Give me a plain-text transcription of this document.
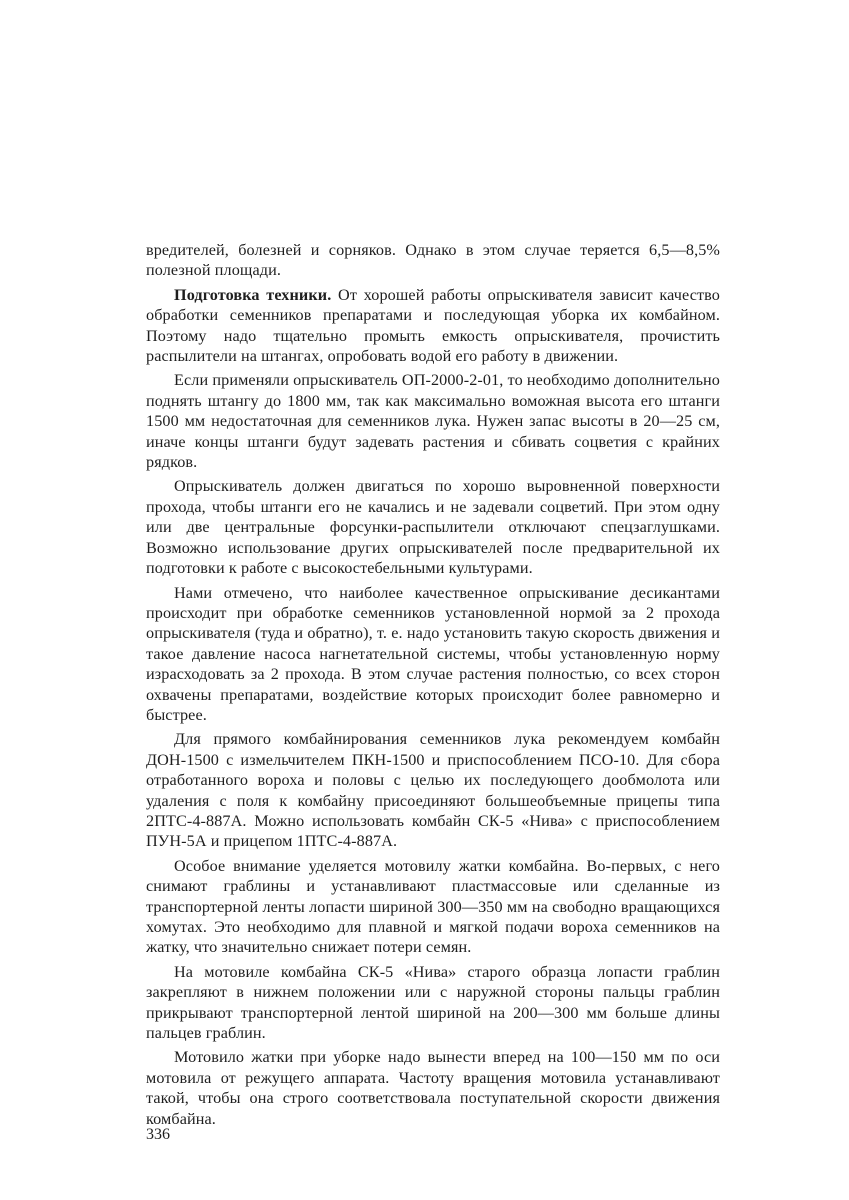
вредителей, болезней и сорняков. Однако в этом случае теряется 6,5—8,5% полезной площади.

Подготовка техники. От хорошей работы опрыскивателя зависит качество обработки семенников препаратами и последующая уборка их комбайном. Поэтому надо тщательно промыть емкость опрыскивателя, прочистить распылители на штангах, опробовать водой его работу в движении.

Если применяли опрыскиватель ОП-2000-2-01, то необходимо дополнительно поднять штангу до 1800 мм, так как максимально воможная высота его штанги 1500 мм недостаточная для семенников лука. Нужен запас высоты в 20—25 см, иначе концы штанги будут задевать растения и сбивать соцветия с крайних рядков.

Опрыскиватель должен двигаться по хорошо выровненной поверхности прохода, чтобы штанги его не качались и не задевали соцветий. При этом одну или две центральные форсунки-распылители отключают спецзаглушками. Возможно использование других опрыскивателей после предварительной их подготовки к работе с высокостебельными культурами.

Нами отмечено, что наиболее качественное опрыскивание десикантами происходит при обработке семенников установленной нормой за 2 прохода опрыскивателя (туда и обратно), т. е. надо установить такую скорость движения и такое давление насоса нагнетательной системы, чтобы установленную норму израсходовать за 2 прохода. В этом случае растения полностью, со всех сторон охвачены препаратами, воздействие которых происходит более равномерно и быстрее.

Для прямого комбайнирования семенников лука рекомендуем комбайн ДОН-1500 с измельчителем ПКН-1500 и приспособлением ПСО-10. Для сбора отработанного вороха и половы с целью их последующего дообмолота или удаления с поля к комбайну присоединяют большеобъемные прицепы типа 2ПТС-4-887А. Можно использовать комбайн СК-5 «Нива» с приспособлением ПУН-5А и прицепом 1ПТС-4-887А.

Особое внимание уделяется мотовилу жатки комбайна. Во-первых, с него снимают граблины и устанавливают пластмассовые или сделанные из транспортерной ленты лопасти шириной 300—350 мм на свободно вращающихся хомутах. Это необходимо для плавной и мягкой подачи вороха семенников на жатку, что значительно снижает потери семян.

На мотовиле комбайна СК-5 «Нива» старого образца лопасти граблин закрепляют в нижнем положении или с наружной стороны пальцы граблин прикрывают транспортерной лентой шириной на 200—300 мм больше длины пальцев граблин.

Мотовило жатки при уборке надо вынести вперед на 100—150 мм по оси мотовила от режущего аппарата. Частоту вращения мотовила устанавливают такой, чтобы она строго соответствовала поступательной скорости движения комбайна.

336
